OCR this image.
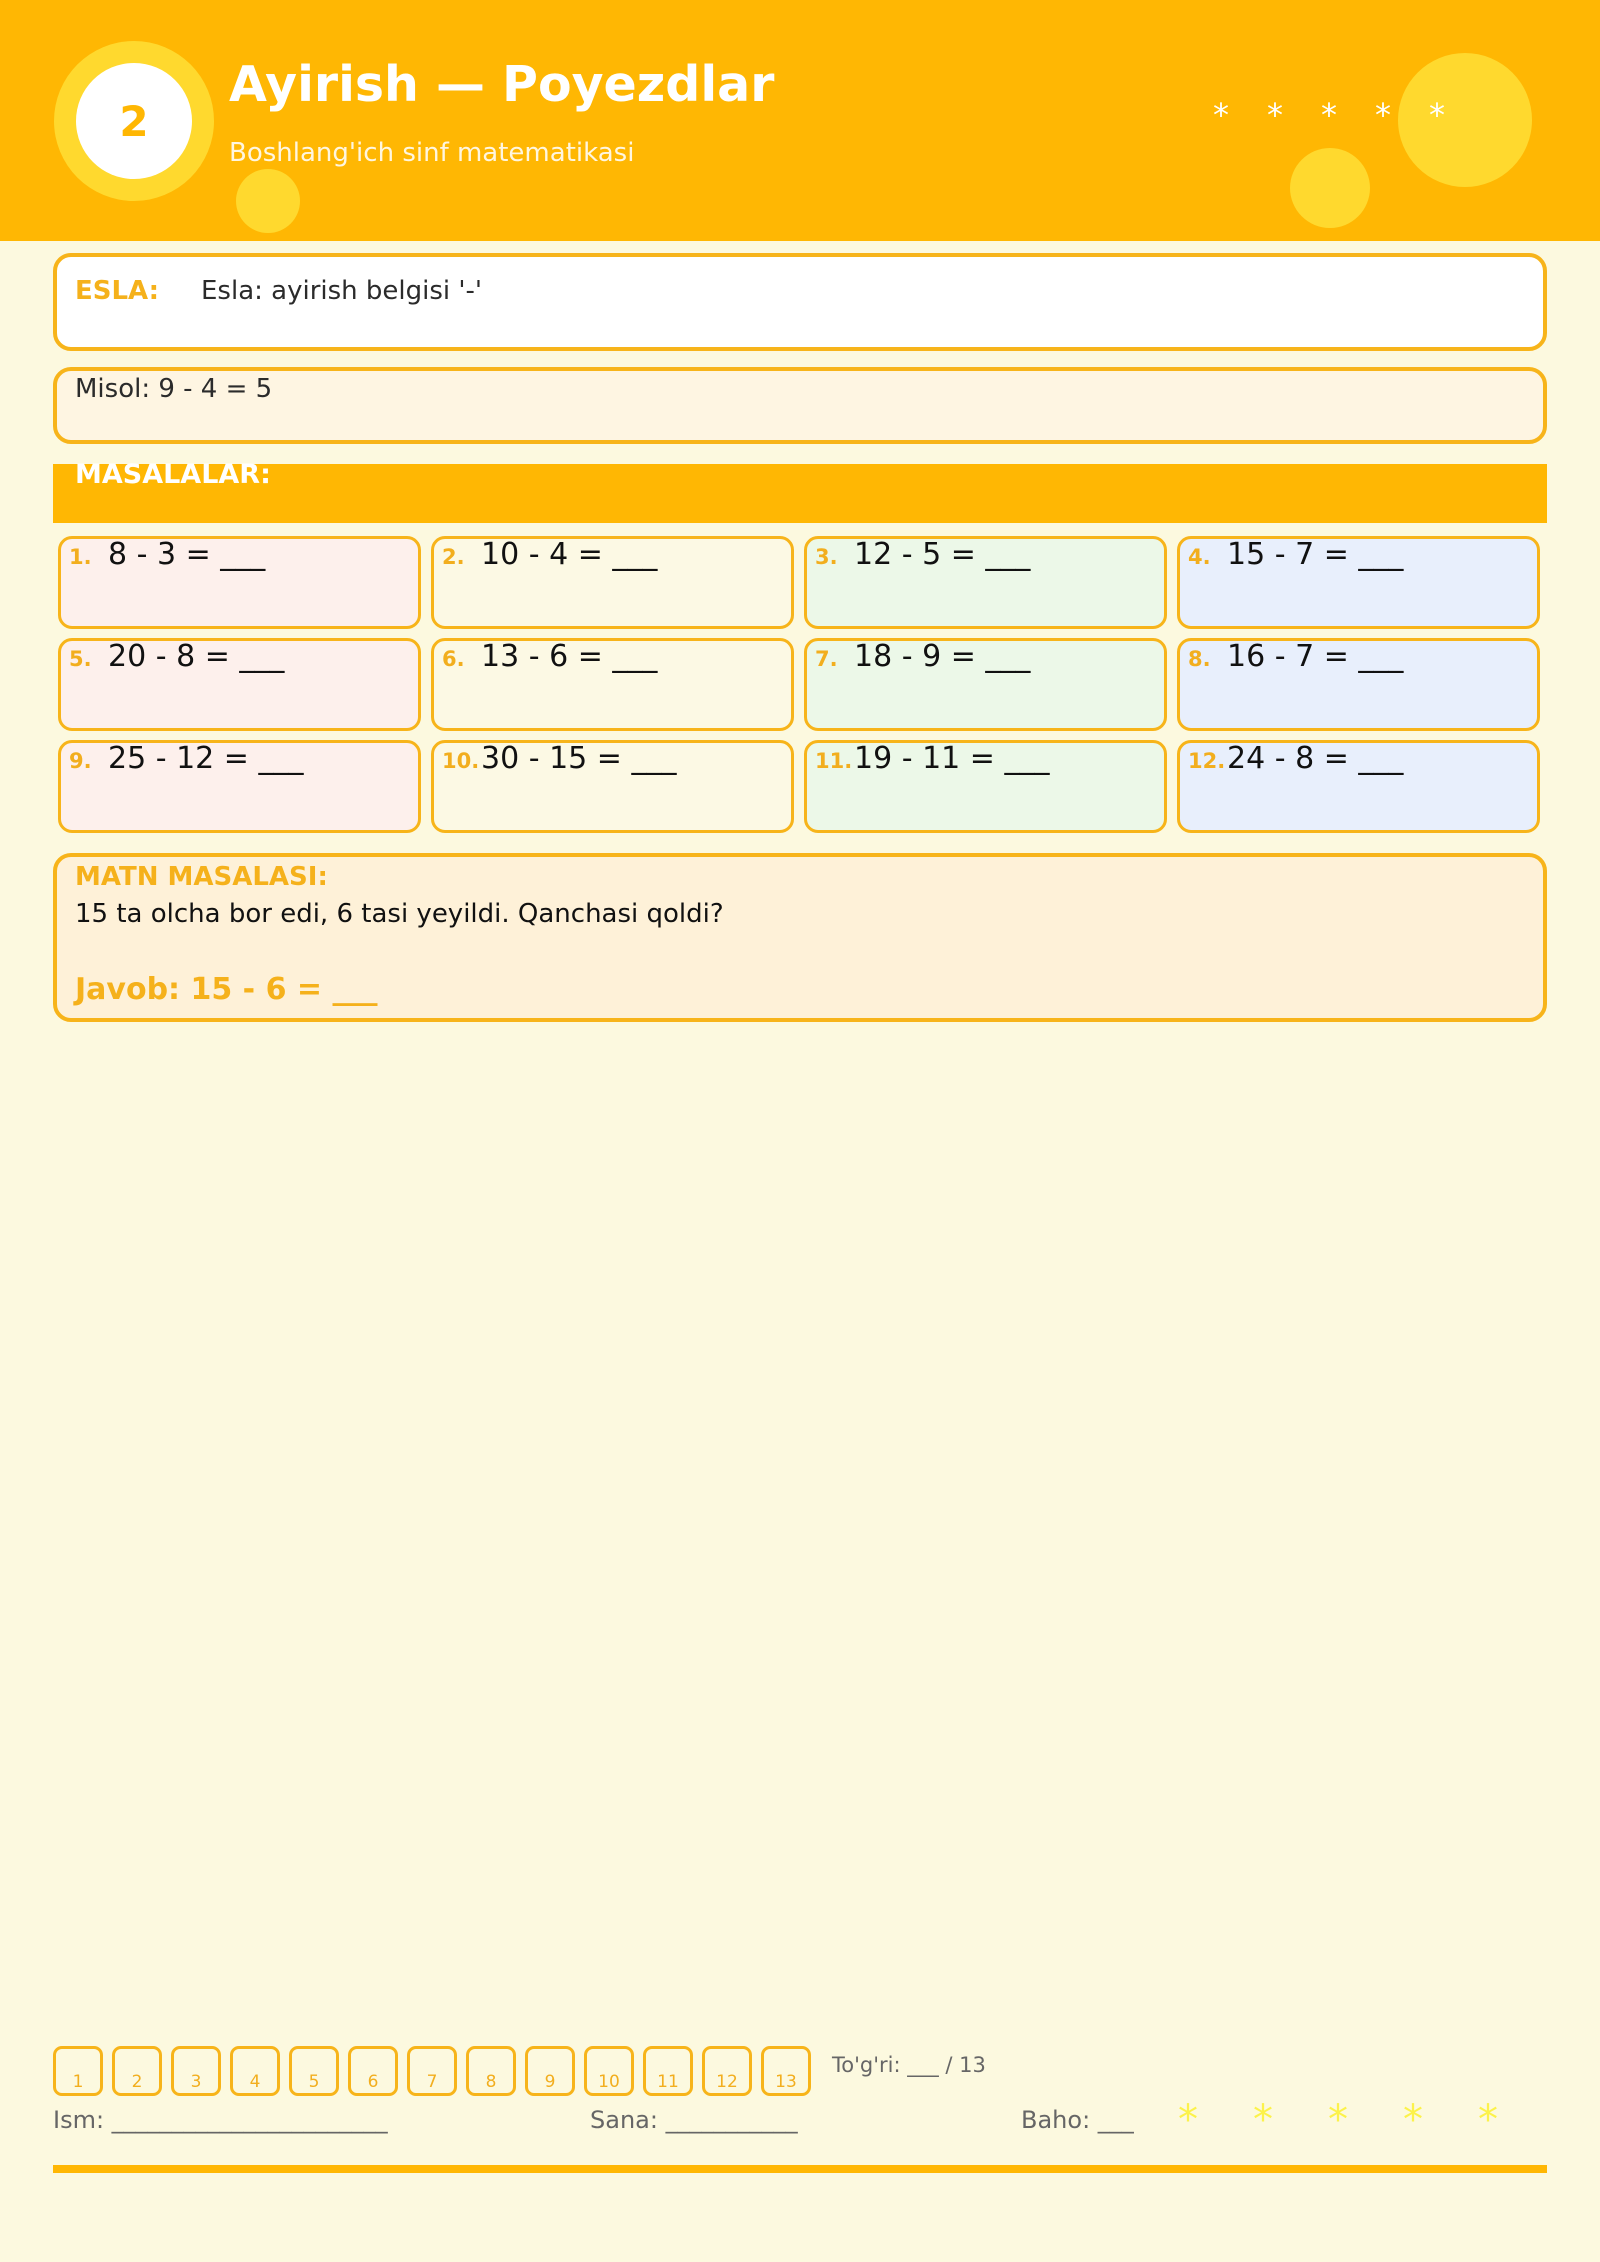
2
Ayirish — Poyezdlar
Boshlang'ich sinf matematikasi
* * * * *
ESLA: Esla: ayirish belgisi '-'
Misol: 9 - 4 = 5
MASALALAR:
1. 8 - 3 = ___	2. 10 - 4 = ___	3. 12 - 5 = ___	4. 15 - 7 = ___
5. 20 - 8 = ___	6. 13 - 6 = ___	7. 18 - 9 = ___	8. 16 - 7 = ___
9. 25 - 12 = ___	10. 30 - 15 = ___	11. 19 - 11 = ___	12. 24 - 8 = ___
MATN MASALASI:
15 ta olcha bor edi, 6 tasi yeyildi. Qanchasi qoldi?
Javob: 15 - 6 = ___
1	2	3	4	5	6	7	8	9	10	11	12	13
To'g'ri: ___ / 13
Ism: _______________________	Sana: ___________	Baho: ___ * * * * *
